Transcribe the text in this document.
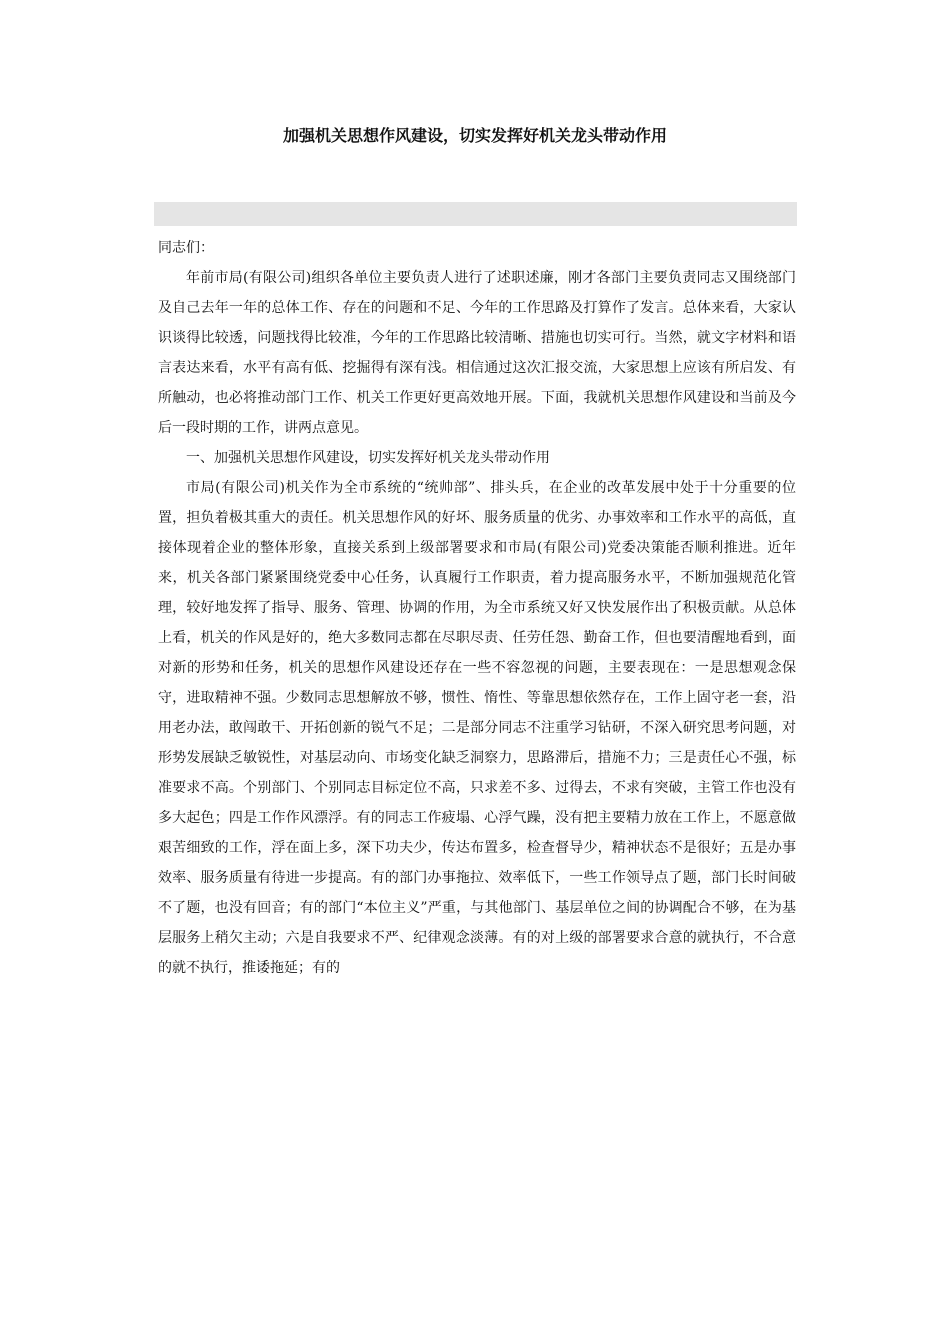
加强机关思想作风建设，切实发挥好机关龙头带动作用

同志们：

年前市局(有限公司)组织各单位主要负责人进行了述职述廉，刚才各部门主要负责同志又围绕部门及自己去年一年的总体工作、存在的问题和不足、今年的工作思路及打算作了发言。总体来看，大家认识谈得比较透，问题找得比较准，今年的工作思路比较清晰、措施也切实可行。当然，就文字材料和语言表达来看，水平有高有低、挖掘得有深有浅。相信通过这次汇报交流，大家思想上应该有所启发、有所触动，也必将推动部门工作、机关工作更好更高效地开展。下面，我就机关思想作风建设和当前及今后一段时期的工作，讲两点意见。

一、加强机关思想作风建设，切实发挥好机关龙头带动作用

市局(有限公司)机关作为全市系统的“统帅部”、排头兵，在企业的改革发展中处于十分重要的位置，担负着极其重大的责任。机关思想作风的好坏、服务质量的优劣、办事效率和工作水平的高低，直接体现着企业的整体形象，直接关系到上级部署要求和市局(有限公司)党委决策能否顺利推进。近年来，机关各部门紧紧围绕党委中心任务，认真履行工作职责，着力提高服务水平，不断加强规范化管理，较好地发挥了指导、服务、管理、协调的作用，为全市系统又好又快发展作出了积极贡献。从总体上看，机关的作风是好的，绝大多数同志都在尽职尽责、任劳任怨、勤奋工作，但也要清醒地看到，面对新的形势和任务，机关的思想作风建设还存在一些不容忽视的问题，主要表现在：一是思想观念保守，进取精神不强。少数同志思想解放不够，惯性、惰性、等靠思想依然存在，工作上固守老一套，沿用老办法，敢闯敢干、开拓创新的锐气不足；二是部分同志不注重学习钻研，不深入研究思考问题，对形势发展缺乏敏锐性，对基层动向、市场变化缺乏洞察力，思路滞后，措施不力；三是责任心不强，标准要求不高。个别部门、个别同志目标定位不高，只求差不多、过得去，不求有突破，主管工作也没有多大起色；四是工作作风漂浮。有的同志工作疲塌、心浮气躁，没有把主要精力放在工作上，不愿意做艰苦细致的工作，浮在面上多，深下功夫少，传达布置多，检查督导少，精神状态不是很好；五是办事效率、服务质量有待进一步提高。有的部门办事拖拉、效率低下，一些工作领导点了题，部门长时间破不了题，也没有回音；有的部门“本位主义”严重，与其他部门、基层单位之间的协调配合不够，在为基层服务上稍欠主动；六是自我要求不严、纪律观念淡薄。有的对上级的部署要求合意的就执行，不合意的就不执行，推诿拖延；有的
